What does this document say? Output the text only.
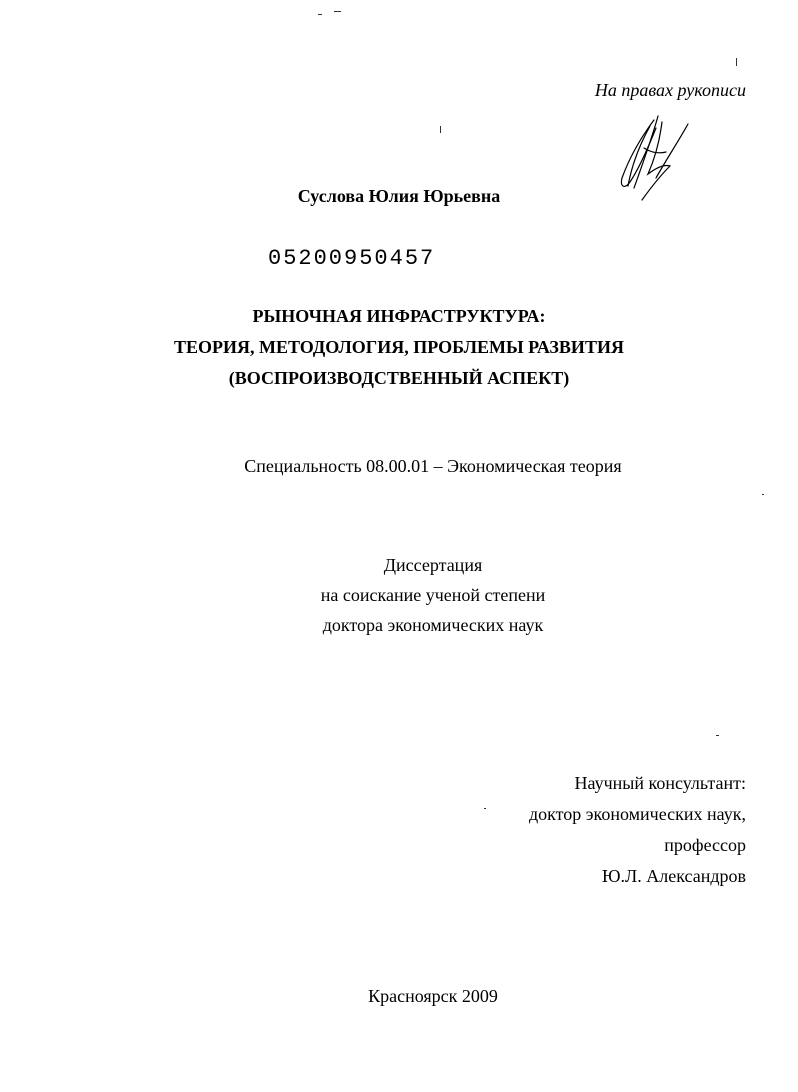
На правах рукописи
Суслова Юлия Юрьевна
05200950457
РЫНОЧНАЯ ИНФРАСТРУКТУРА:
ТЕОРИЯ, МЕТОДОЛОГИЯ, ПРОБЛЕМЫ РАЗВИТИЯ
(ВОСПРОИЗВОДСТВЕННЫЙ АСПЕКТ)
Специальность 08.00.01 – Экономическая теория
Диссертация
на соискание ученой степени
доктора экономических наук
Научный консультант:
доктор экономических наук,
профессор
Ю.Л. Александров
Красноярск 2009
